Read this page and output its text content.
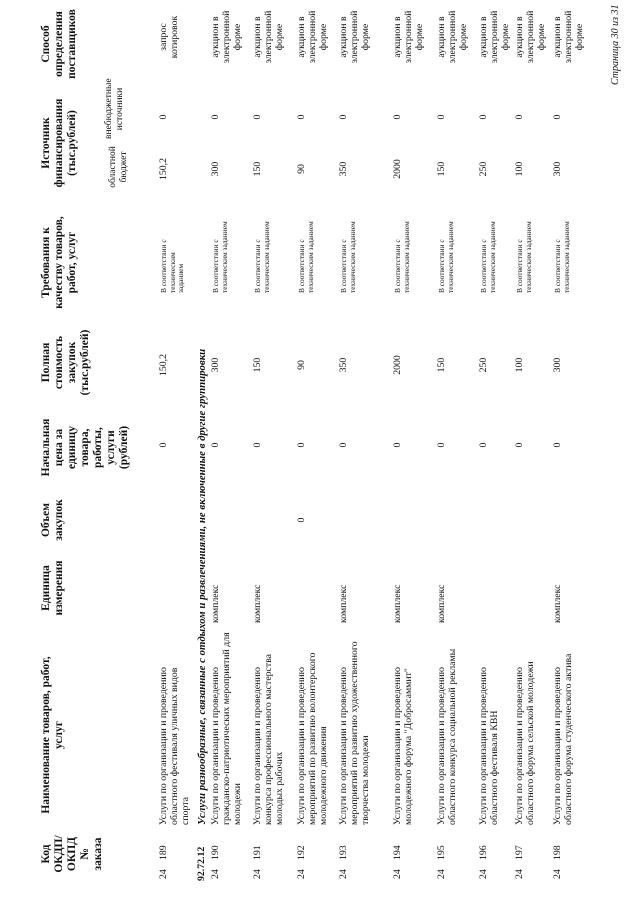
Код ОКДП/ ОКПД № заказа
Наименование товаров, работ, услуг
Единица измерения
Объем закупок
Начальная цена за единицу товара, работы, услуги (рублей)
Полная стоимость закупок (тыс.рублей)
Требования к качеству товаров, работ, услуг
Источник финансирования (тыс.рублей)	областной бюджет
внебюджетные источники
Способ определения поставщиков
24
189
Услуги по организации и проведению областного фестиваля уличных видов спорта
0
150,2
В соответствии с техническим заданием
150,2
0
запрос котировок
92.72.12
Услуги разнообразные, связанные с отдыхом и развлечениями, не включенные в другие группировки
24
190
Услуги по организации и проведению гражданско-патриотических мероприятий для молодежи
комплекс
0
300
В соответствии с техническим заданием
300
0
аукцион в электронной форме
24
191
Услуги по организации и проведению конкурса профессионального мастерства молодых рабочих
комплекс
0
150
В соответствии с техническим заданием
150
0
аукцион в электронной форме
24
192
Услуги по организации и проведению мероприятий по развитию волонтерского молодежного движения
0
0
90
В соответствии с техническим заданием
90
0
аукцион в электронной форме
24
193
Услуги по организации и проведению мероприятий по развитию художественного творчества молодежи
комплекс
0
350
В соответствии с техническим заданием
350
0
аукцион в электронной форме
24
194
Услуги по организации и проведению молодежного форума "Добросаммит"
комплекс
0
2000
В соответствии с техническим заданием
2000
0
аукцион в электронной форме
24
195
Услуги по организации и проведению областного конкурса социальной рекламы
комплекс
0
150
В соответствии с техническим заданием
150
0
аукцион в электронной форме
24
196
Услуги по организации и проведению областного фестиваля КВН
0
250
В соответствии с техническим заданием
250
0
аукцион в электронной форме
24
197
Услуги по организации и проведению областного форума сельской молодежи
0
100
В соответствии с техническим заданием
100
0
аукцион в электронной форме
24
198
Услуги по организации и проведению областного форума студенческого актива
комплекс
0
300
В соответствии с техническим заданием
300
0
аукцион в электронной форме Страница 30 из 31
